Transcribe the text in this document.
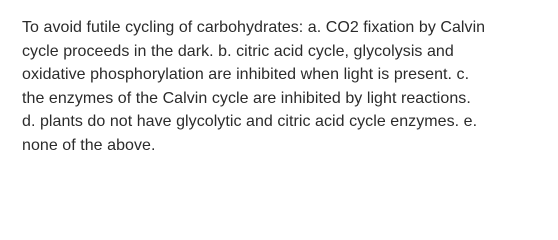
To avoid futile cycling of carbohydrates: a. CO2 fixation by Calvin
cycle proceeds in the dark. b. citric acid cycle, glycolysis and
oxidative phosphorylation are inhibited when light is present. c.
the enzymes of the Calvin cycle are inhibited by light reactions.
d. plants do not have glycolytic and citric acid cycle enzymes. e.
none of the above.
